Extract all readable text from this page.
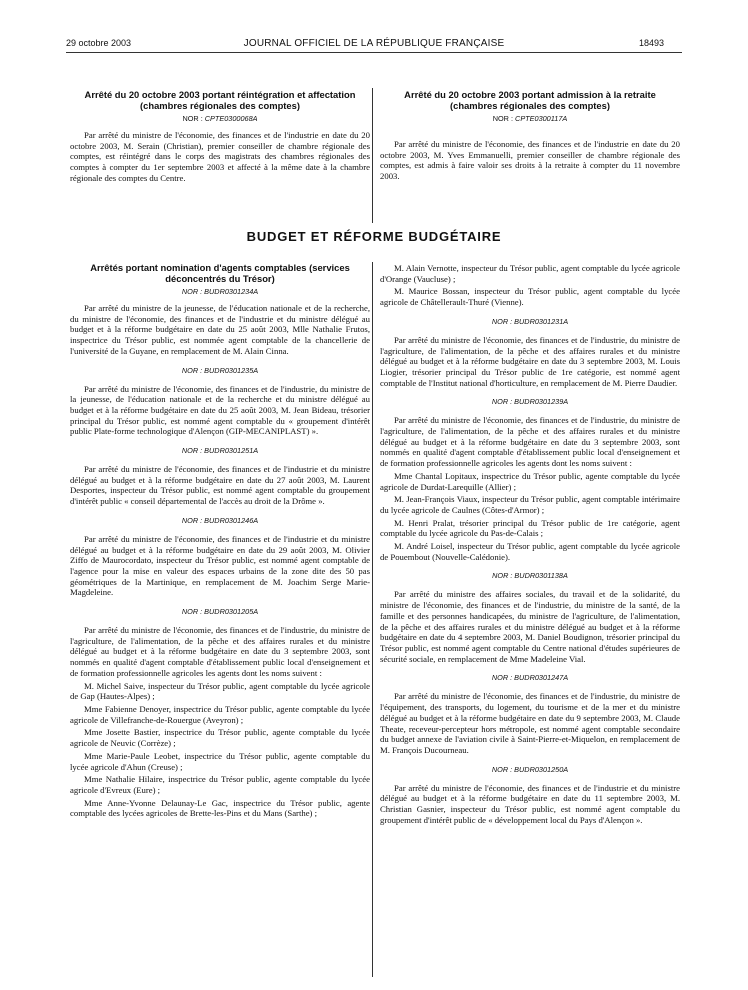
29 octobre 2003	JOURNAL OFFICIEL DE LA RÉPUBLIQUE FRANÇAISE	18493

Arrêté du 20 octobre 2003 portant réintégration et affectation (chambres régionales des comptes)

NOR : CPTE0300068A

Par arrêté du ministre de l'économie, des finances et de l'industrie en date du 20 octobre 2003, M. Serain (Christian), premier conseiller de chambre régionale des comptes, est réintégré dans le corps des magistrats des chambres régionales des comptes à compter du 1er septembre 2003 et affecté à la même date à la chambre régionale des comptes du Centre.

Arrêté du 20 octobre 2003 portant admission à la retraite (chambres régionales des comptes)

NOR : CPTE0300117A

Par arrêté du ministre de l'économie, des finances et de l'industrie en date du 20 octobre 2003, M. Yves Emmanuelli, premier conseiller de chambre régionale des comptes, est admis à faire valoir ses droits à la retraite à compter du 11 novembre 2003.

BUDGET ET RÉFORME BUDGÉTAIRE

Arrêtés portant nomination d'agents comptables (services déconcentrés du Trésor)

NOR : BUDR0301234A

Par arrêté du ministre de la jeunesse, de l'éducation nationale et de la recherche, du ministre de l'économie, des finances et de l'industrie et du ministre délégué au budget et à la réforme budgétaire en date du 25 août 2003, Mlle Nathalie Frutos, inspectrice du Trésor public, est nommée agent comptable de la chancellerie de l'université de la Guyane, en remplacement de M. Alain Cinna.

NOR : BUDR0301235A

Par arrêté du ministre de l'économie, des finances et de l'industrie, du ministre de la jeunesse, de l'éducation nationale et de la recherche et du ministre délégué au budget et à la réforme budgétaire en date du 25 août 2003, M. Jean Bideau, trésorier principal du Trésor public, est nommé agent comptable du « groupement d'intérêt public Plate-forme technologique d'Alençon (GIP-MECANIPLAST) ».

NOR : BUDR0301251A

Par arrêté du ministre de l'économie, des finances et de l'industrie et du ministre délégué au budget et à la réforme budgétaire en date du 27 août 2003, M. Laurent Desportes, inspecteur du Trésor public, est nommé agent comptable du groupement d'intérêt public « conseil départemental de l'accès au droit de la Drôme ».

NOR : BUDR0301246A

Par arrêté du ministre de l'économie, des finances et de l'industrie et du ministre délégué au budget et à la réforme budgétaire en date du 29 août 2003, M. Olivier Ziffo de Maurocordato, inspecteur du Trésor public, est nommé agent comptable de l'agence pour la mise en valeur des espaces urbains de la zone dite des 50 pas géométriques de la Martinique, en remplacement de M. Joachim Serge Marie-Magdeleine.

NOR : BUDR0301205A

Par arrêté du ministre de l'économie, des finances et de l'industrie, du ministre de l'agriculture, de l'alimentation, de la pêche et des affaires rurales et du ministre délégué au budget et à la réforme budgétaire en date du 3 septembre 2003, sont nommés en qualité d'agent comptable d'établissement public local d'enseignement et de formation professionnelle agricoles les agents dont les noms suivent :

M. Michel Saive, inspecteur du Trésor public, agent comptable du lycée agricole de Gap (Hautes-Alpes) ;

Mme Fabienne Denoyer, inspectrice du Trésor public, agente comptable du lycée agricole de Villefranche-de-Rouergue (Aveyron) ;

Mme Josette Bastier, inspectrice du Trésor public, agente comptable du lycée agricole de Neuvic (Corrèze) ;

Mme Marie-Paule Leobet, inspectrice du Trésor public, agente comptable du lycée agricole d'Ahun (Creuse) ;

Mme Nathalie Hilaire, inspectrice du Trésor public, agente comptable du lycée agricole d'Evreux (Eure) ;

Mme Anne-Yvonne Delaunay-Le Gac, inspectrice du Trésor public, agente comptable des lycées agricoles de Brette-les-Pins et du Mans (Sarthe) ;

M. Alain Vernotte, inspecteur du Trésor public, agent comptable du lycée agricole d'Orange (Vaucluse) ;

M. Maurice Bossan, inspecteur du Trésor public, agent comptable du lycée agricole de Châtellerault-Thuré (Vienne).

NOR : BUDR0301231A

Par arrêté du ministre de l'économie, des finances et de l'industrie, du ministre de l'agriculture, de l'alimentation, de la pêche et des affaires rurales et du ministre délégué au budget et à la réforme budgétaire en date du 3 septembre 2003, M. Louis Liogier, trésorier principal du Trésor public de 1re catégorie, est nommé agent comptable de l'Institut national d'horticulture, en remplacement de M. Pierre Daudier.

NOR : BUDR0301239A

Par arrêté du ministre de l'économie, des finances et de l'industrie, du ministre de l'agriculture, de l'alimentation, de la pêche et des affaires rurales et du ministre délégué au budget et à la réforme budgétaire en date du 3 septembre 2003, sont nommés en qualité d'agent comptable d'établissement public local d'enseignement et de formation professionnelle agricoles les agents dont les noms suivent :

Mme Chantal Lopitaux, inspectrice du Trésor public, agente comptable du lycée agricole de Durdat-Larequille (Allier) ;

M. Jean-François Viaux, inspecteur du Trésor public, agent comptable intérimaire du lycée agricole de Caulnes (Côtes-d'Armor) ;

M. Henri Pralat, trésorier principal du Trésor public de 1re catégorie, agent comptable du lycée agricole du Pas-de-Calais ;

M. André Loisel, inspecteur du Trésor public, agent comptable du lycée agricole de Pouembout (Nouvelle-Calédonie).

NOR : BUDR0301138A

Par arrêté du ministre des affaires sociales, du travail et de la solidarité, du ministre de l'économie, des finances et de l'industrie, du ministre de la santé, de la famille et des personnes handicapées, du ministre de l'agriculture, de l'alimentation, de la pêche et des affaires rurales et du ministre délégué au budget et à la réforme budgétaire en date du 4 septembre 2003, M. Daniel Boudignon, trésorier principal du Trésor public, est nommé agent comptable du Centre national d'études supérieures de sécurité sociale, en remplacement de Mme Madeleine Vial.

NOR : BUDR0301247A

Par arrêté du ministre de l'économie, des finances et de l'industrie, du ministre de l'équipement, des transports, du logement, du tourisme et de la mer et du ministre délégué au budget et à la réforme budgétaire en date du 9 septembre 2003, M. Claude Theate, receveur-percepteur hors métropole, est nommé agent comptable secondaire du budget annexe de l'aviation civile à Saint-Pierre-et-Miquelon, en remplacement de M. François Ducourneau.

NOR : BUDR0301250A

Par arrêté du ministre de l'économie, des finances et de l'industrie et du ministre délégué au budget et à la réforme budgétaire en date du 11 septembre 2003, M. Christian Gasnier, inspecteur du Trésor public, est nommé agent comptable du groupement d'intérêt public de « développement local du Pays d'Alençon ».
